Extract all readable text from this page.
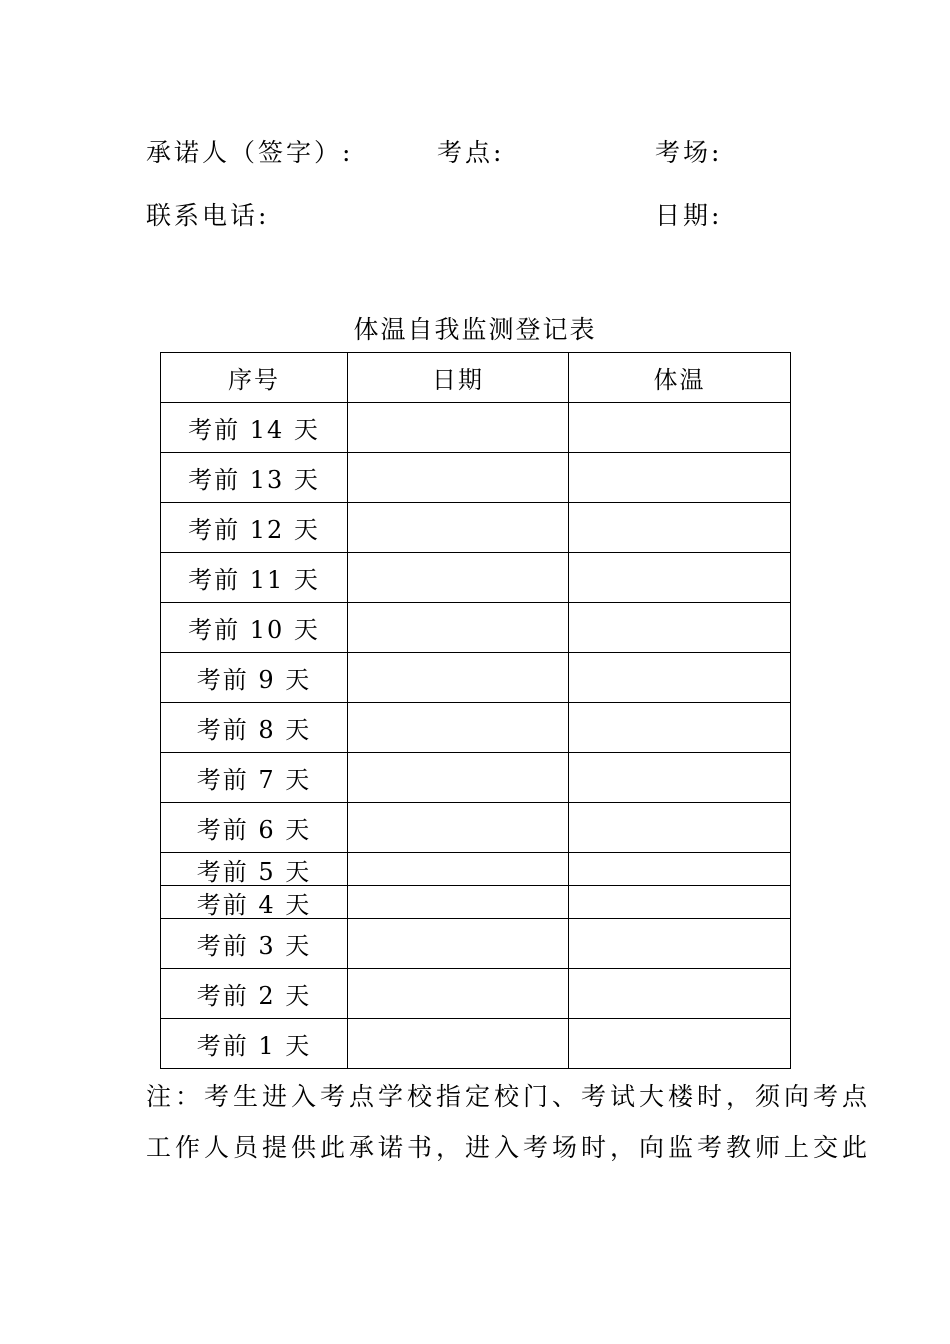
承诺人（签字）:	考点:	考场:
联系电话:	日期:
体温自我监测登记表
序号	日期	体温
考前 14 天		
考前 13 天		
考前 12 天		
考前 11 天		
考前 10 天		
考前 9 天		
考前 8 天		
考前 7 天		
考前 6 天		
考前 5 天		
考前 4 天		
考前 3 天		
考前 2 天		
考前 1 天		
注：考生进入考点学校指定校门、考试大楼时，须向考点
工作人员提供此承诺书，进入考场时，向监考教师上交此
